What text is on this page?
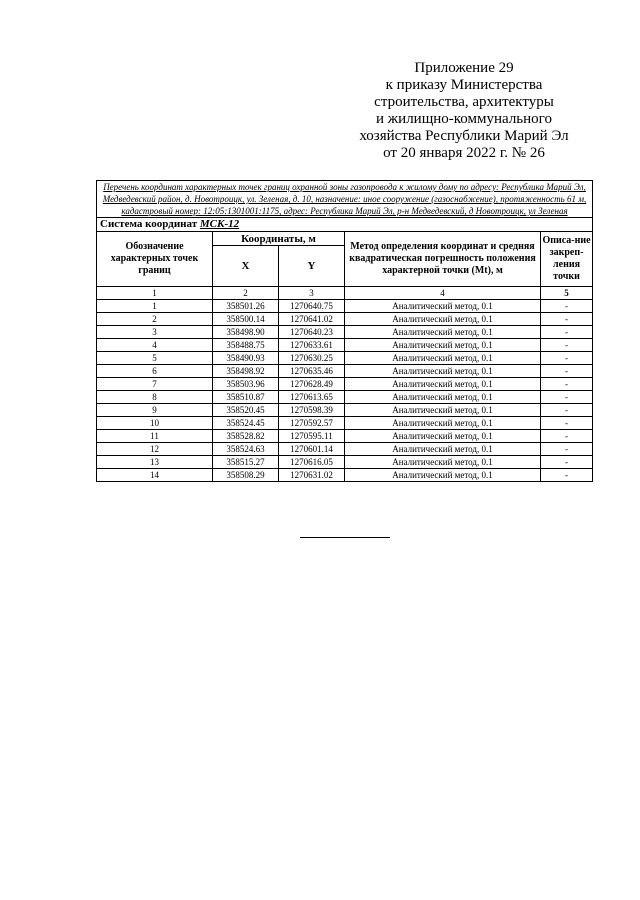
Приложение 29
к приказу Министерства
строительства, архитектуры
и жилищно-коммунального
хозяйства Республики Марий Эл
от 20 января 2022 г. № 26
Перечень координат характерных точек границ охранной зоны газопровода к жилому дому по адресу: Республика Марий Эл, Медведевский район, д. Новотроицк, ул. Зеленая, д. 10, назначение: иное сооружение (газоснабжение), протяженность 61 м, кадастровый номер: 12:05:1301001:1175, адрес: Республика Марий Эл, р-н Медведевский, д Новотроицк, ул Зеленая				
Система координат МСК-12				
Обозначение характерных точек границ	Координаты, м		Метод определения координат и средняя квадратическая погрешность положения характерной точки (Mt), м	Описа-ние закреп-ления точки
	X	Y		
1	2	3	4	5
1	358501.26	1270640.75	Аналитический метод, 0.1	-
2	358500.14	1270641.02	Аналитический метод, 0.1	-
3	358498.90	1270640.23	Аналитический метод, 0.1	-
4	358488.75	1270633.61	Аналитический метод, 0.1	-
5	358490.93	1270630.25	Аналитический метод, 0.1	-
6	358498.92	1270635.46	Аналитический метод, 0.1	-
7	358503.96	1270628.49	Аналитический метод, 0.1	-
8	358510.87	1270613.65	Аналитический метод, 0.1	-
9	358520.45	1270598.39	Аналитический метод, 0.1	-
10	358524.45	1270592.57	Аналитический метод, 0.1	-
11	358528.82	1270595.11	Аналитический метод, 0.1	-
12	358524.63	1270601.14	Аналитический метод, 0.1	-
13	358515.27	1270616.05	Аналитический метод, 0.1	-
14	358508.29	1270631.02	Аналитический метод, 0.1	-
